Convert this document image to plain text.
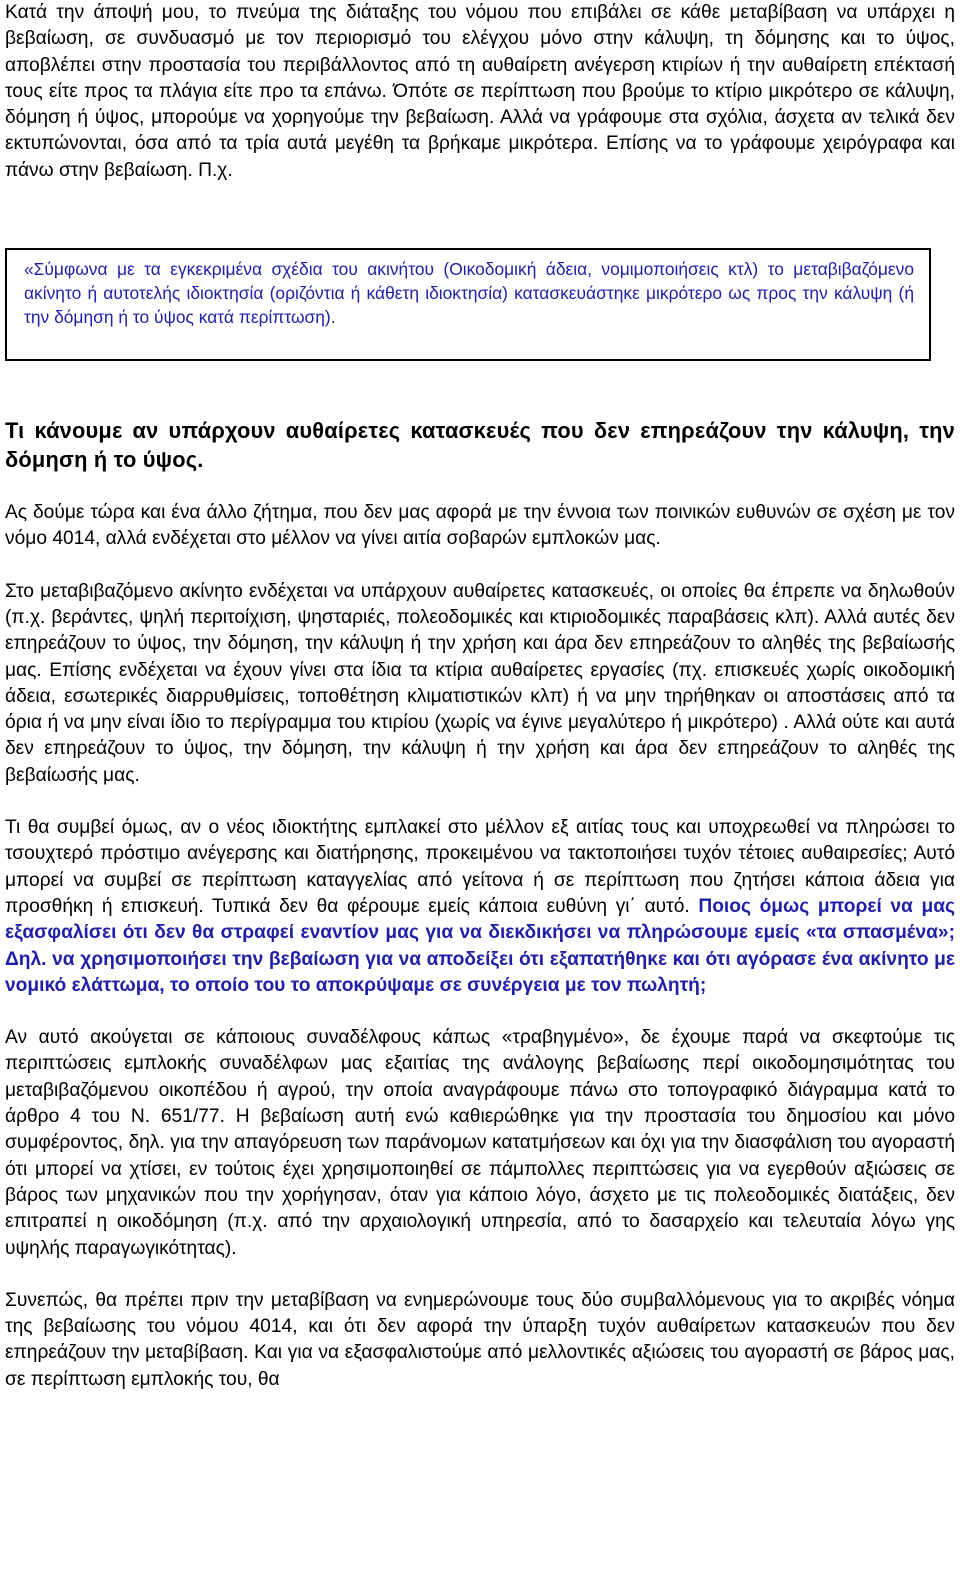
Κατά την άποψή μου, το πνεύμα της διάταξης του νόμου που επιβάλει σε κάθε μεταβίβαση να υπάρχει η βεβαίωση, σε συνδυασμό με τον περιορισμό του ελέγχου μόνο στην κάλυψη, τη δόμησης και το ύψος, αποβλέπει στην προστασία του περιβάλλοντος από τη αυθαίρετη ανέγερση κτιρίων ή την αυθαίρετη επέκτασή τους είτε προς τα πλάγια είτε προ τα επάνω. Όπότε σε περίπτωση που βρούμε το κτίριο μικρότερο σε κάλυψη, δόμηση ή ύψος, μπορούμε να χορηγούμε την βεβαίωση. Αλλά να γράφουμε στα σχόλια, άσχετα αν τελικά δεν εκτυπώνονται, όσα από τα τρία αυτά μεγέθη τα βρήκαμε μικρότερα. Επίσης να το γράφουμε χειρόγραφα και πάνω στην βεβαίωση. Π.χ.

«Σύμφωνα με τα εγκεκριμένα σχέδια του ακινήτου (Οικοδομική άδεια, νομιμοποιήσεις κτλ) το μεταβιβαζόμενο ακίνητο ή αυτοτελής ιδιοκτησία (οριζόντια ή κάθετη ιδιοκτησία) κατασκευάστηκε μικρότερο ως προς την κάλυψη (ή την δόμηση ή το ύψος κατά περίπτωση).

Τι κάνουμε αν υπάρχουν αυθαίρετες κατασκευές που δεν επηρεάζουν την κάλυψη, την δόμηση ή το ύψος.

Ας δούμε τώρα και ένα άλλο ζήτημα, που δεν μας αφορά με την έννοια των ποινικών ευθυνών σε σχέση με τον νόμο 4014, αλλά ενδέχεται στο μέλλον να γίνει αιτία σοβαρών εμπλοκών μας.

Στο μεταβιβαζόμενο ακίνητο ενδέχεται να υπάρχουν αυθαίρετες κατασκευές, οι οποίες θα έπρεπε να δηλωθούν (π.χ. βεράντες, ψηλή περιτοίχιση, ψησταριές, πολεοδομικές και κτιριοδομικές παραβάσεις κλπ). Αλλά αυτές δεν επηρεάζουν το ύψος, την δόμηση, την κάλυψη ή την χρήση και άρα δεν επηρεάζουν το αληθές της βεβαίωσής μας. Επίσης ενδέχεται να έχουν γίνει στα ίδια τα κτίρια αυθαίρετες εργασίες (πχ. επισκευές χωρίς οικοδομική άδεια, εσωτερικές διαρρυθμίσεις, τοποθέτηση κλιματιστικών κλπ) ή να μην τηρήθηκαν οι αποστάσεις από τα όρια ή να μην είναι ίδιο το περίγραμμα του κτιρίου (χωρίς να έγινε μεγαλύτερο ή μικρότερο) . Αλλά ούτε και αυτά δεν επηρεάζουν το ύψος, την δόμηση, την κάλυψη ή την χρήση και άρα δεν επηρεάζουν το αληθές της βεβαίωσής μας.

Τι θα συμβεί όμως, αν ο νέος ιδιοκτήτης εμπλακεί στο μέλλον εξ αιτίας τους και υποχρεωθεί να πληρώσει το τσουχτερό πρόστιμο ανέγερσης και διατήρησης, προκειμένου να τακτοποιήσει τυχόν τέτοιες αυθαιρεσίες; Αυτό μπορεί να συμβεί σε περίπτωση καταγγελίας από γείτονα ή σε περίπτωση που ζητήσει κάποια άδεια για προσθήκη ή επισκευή. Τυπικά δεν θα φέρουμε εμείς κάποια ευθύνη γι΄ αυτό. Ποιος όμως μπορεί να μας εξασφαλίσει ότι δεν θα στραφεί εναντίον μας για να διεκδικήσει να πληρώσουμε εμείς «τα σπασμένα»; Δηλ. να χρησιμοποιήσει την βεβαίωση για να αποδείξει ότι εξαπατήθηκε και ότι αγόρασε ένα ακίνητο με νομικό ελάττωμα, το οποίο του το αποκρύψαμε σε συνέργεια με τον πωλητή;

Αν αυτό ακούγεται σε κάποιους συναδέλφους κάπως «τραβηγμένο», δε έχουμε παρά να σκεφτούμε τις περιπτώσεις εμπλοκής συναδέλφων μας εξαιτίας της ανάλογης βεβαίωσης περί οικοδομησιμότητας του μεταβιβαζόμενου οικοπέδου ή αγρού, την οποία αναγράφουμε πάνω στο τοπογραφικό διάγραμμα κατά το άρθρο 4 του Ν. 651/77. Η βεβαίωση αυτή ενώ καθιερώθηκε για την προστασία του δημοσίου και μόνο συμφέροντος, δηλ. για την απαγόρευση των παράνομων κατατμήσεων και όχι για την διασφάλιση του αγοραστή ότι μπορεί να χτίσει, εν τούτοις έχει χρησιμοποιηθεί σε πάμπολλες περιπτώσεις για να εγερθούν αξιώσεις σε βάρος των μηχανικών που την χορήγησαν, όταν για κάποιο λόγο, άσχετο με τις πολεοδομικές διατάξεις, δεν επιτραπεί η οικοδόμηση (π.χ. από την αρχαιολογική υπηρεσία, από το δασαρχείο και τελευταία λόγω γης υψηλής παραγωγικότητας).

Συνεπώς, θα πρέπει πριν την μεταβίβαση να ενημερώνουμε τους δύο συμβαλλόμενους για το ακριβές νόημα της βεβαίωσης του νόμου 4014, και ότι δεν αφορά την ύπαρξη τυχόν αυθαίρετων κατασκευών που δεν επηρεάζουν την μεταβίβαση. Και για να εξασφαλιστούμε από μελλοντικές αξιώσεις του αγοραστή σε βάρος μας, σε περίπτωση εμπλοκής του, θα
